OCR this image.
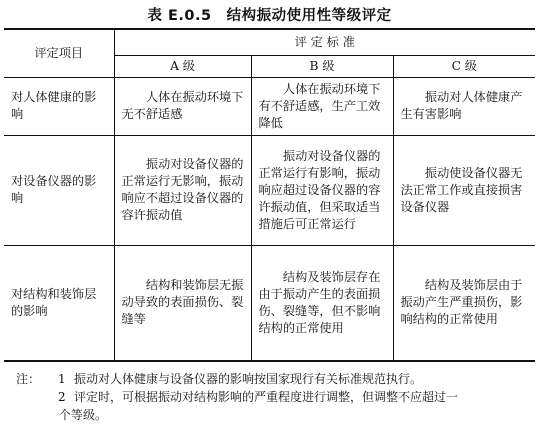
表 E.0.5　结构振动使用性等级评定
评定项目	评 定 标 准		
	A 级	B 级	C 级
对人体健康的影响	人体在振动环境下无不舒适感	人体在振动环境下有不舒适感，生产工效降低	振动对人体健康产生有害影响
对设备仪器的影响	振动对设备仪器的正常运行无影响，振动响应不超过设备仪器的容许振动值	振动对设备仪器的正常运行有影响，振动响应超过设备仪器的容许振动值，但采取适当措施后可正常运行	振动使设备仪器无法正常工作或直接损害设备仪器
对结构和装饰层的影响	结构和装饰层无振动导致的表面损伤、裂缝等	结构及装饰层存在由于振动产生的表面损伤、裂缝等，但不影响结构的正常使用	结构及装饰层由于振动产生严重损伤，影响结构的正常使用
注：	1 振动对人体健康与设备仪器的影响按国家现行有关标准规范执行。
2 评定时，可根据振动对结构影响的严重程度进行调整，但调整不应超过一
个等级。
